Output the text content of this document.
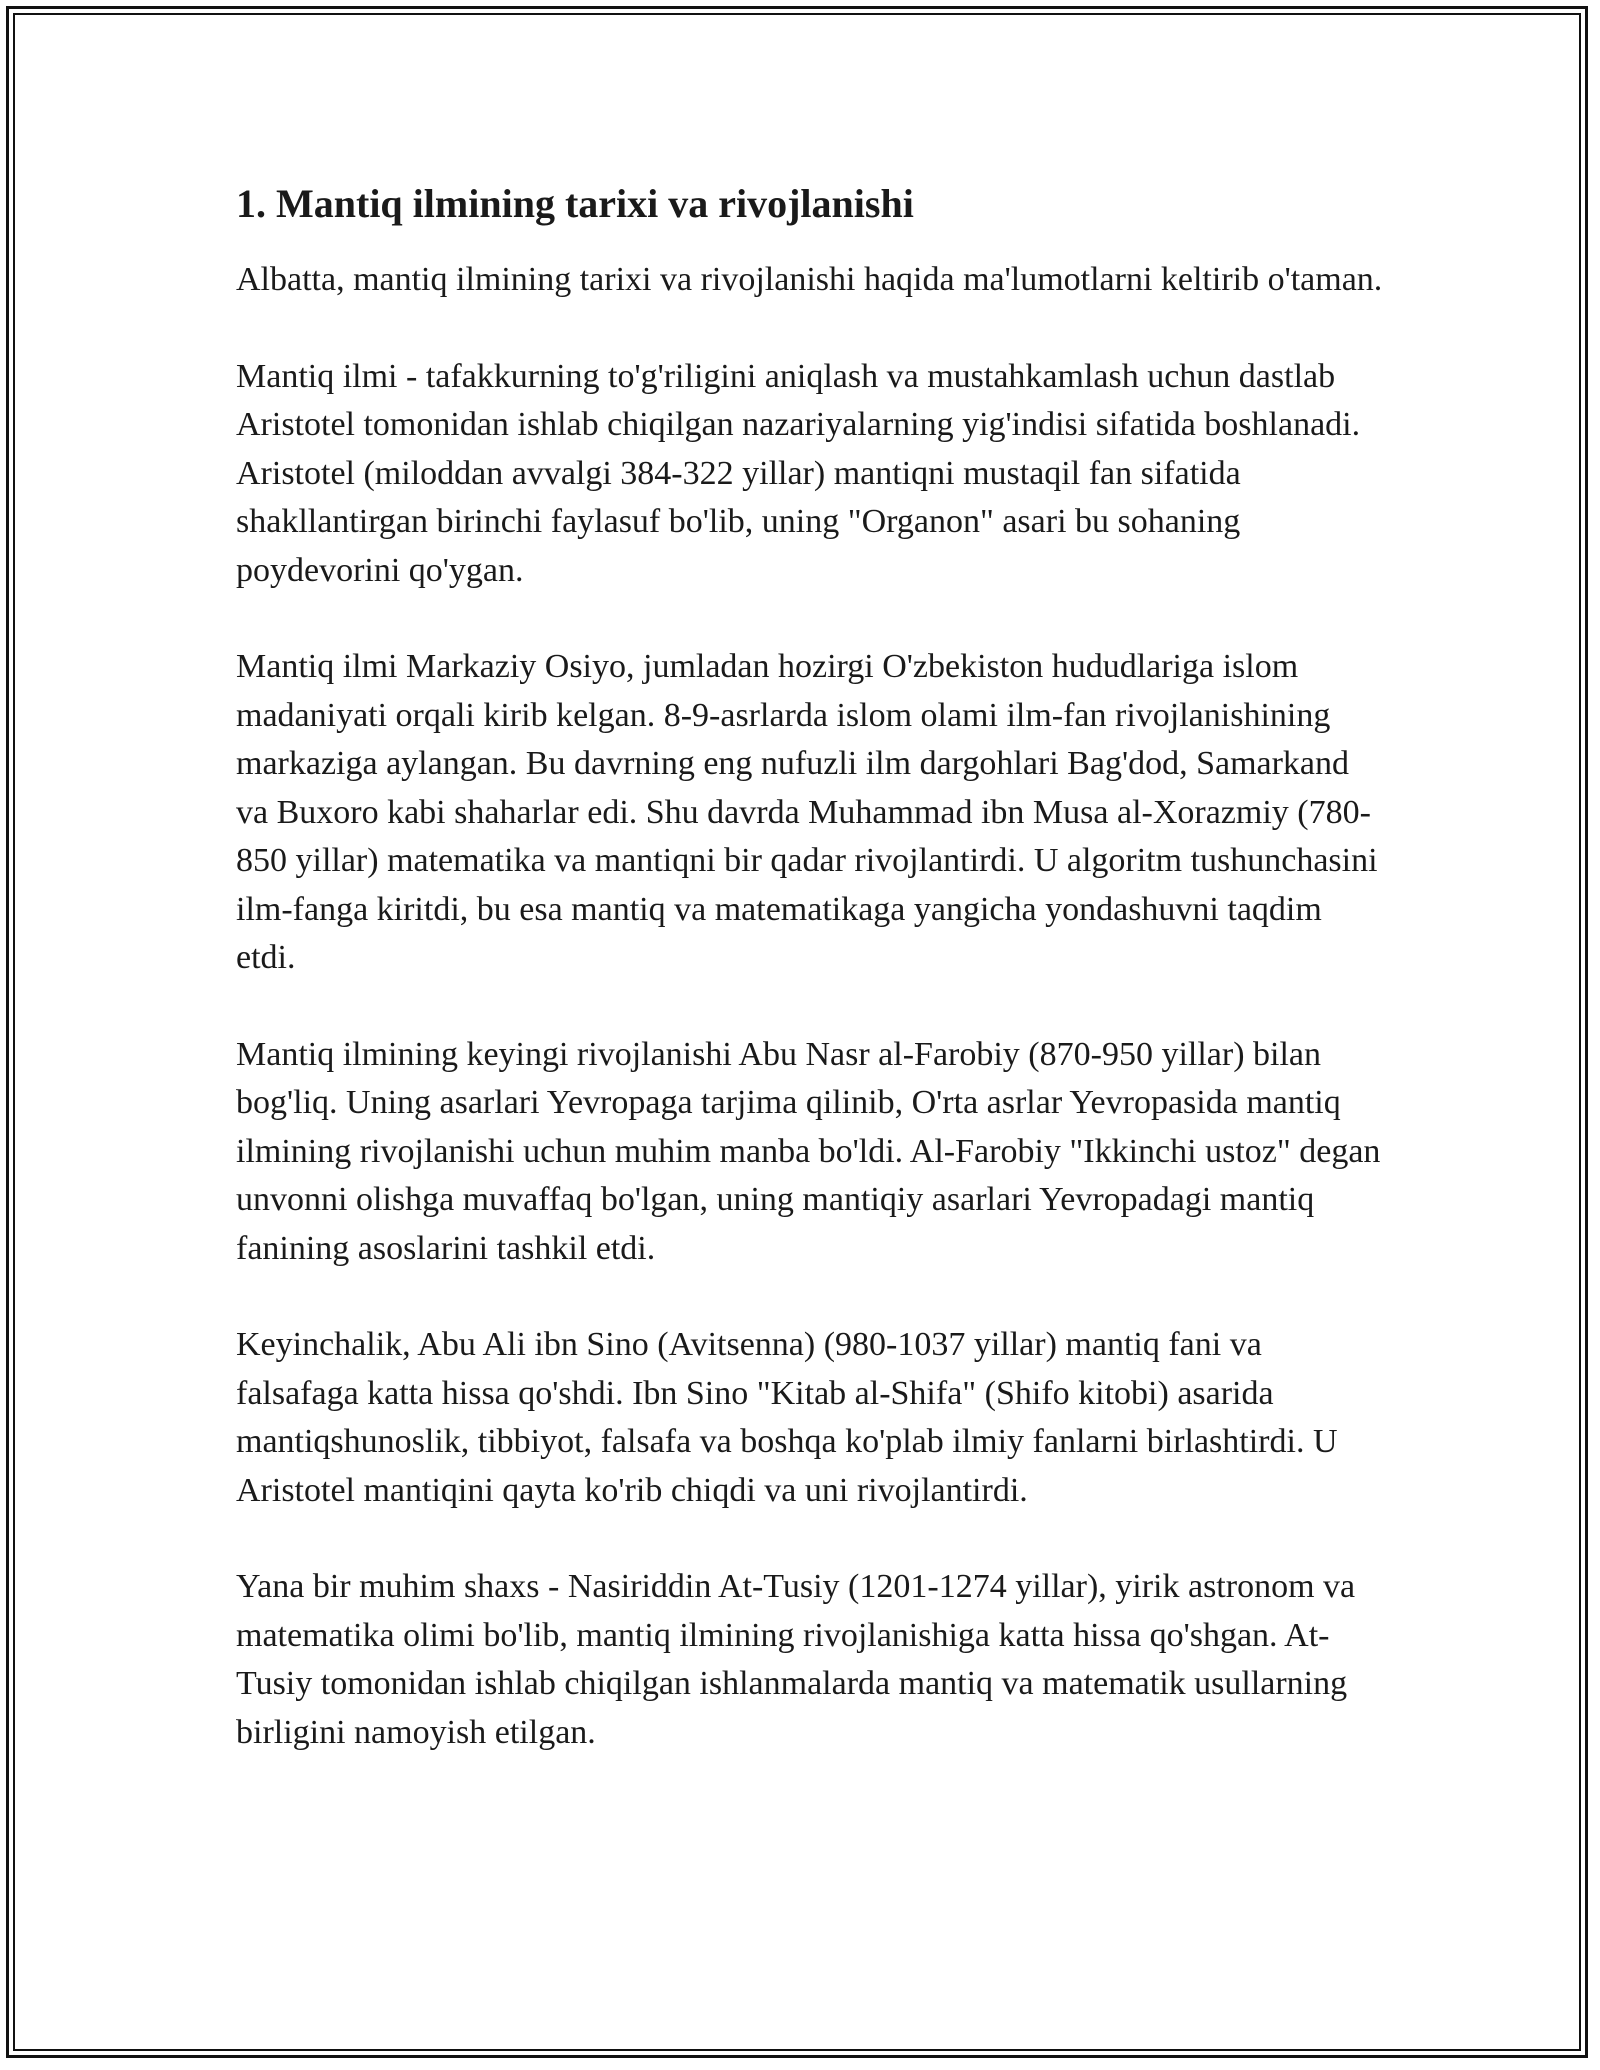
1. Mantiq ilmining tarixi va rivojlanishi

Albatta, mantiq ilmining tarixi va rivojlanishi haqida ma'lumotlarni keltirib o'taman.

Mantiq ilmi - tafakkurning to'g'riligini aniqlash va mustahkamlash uchun dastlab Aristotel tomonidan ishlab chiqilgan nazariyalarning yig'indisi sifatida boshlanadi. Aristotel (miloddan avvalgi 384-322 yillar) mantiqni mustaqil fan sifatida shakllantirgan birinchi faylasuf bo'lib, uning "Organon" asari bu sohaning poydevorini qo'ygan.

Mantiq ilmi Markaziy Osiyo, jumladan hozirgi O'zbekiston hududlariga islom madaniyati orqali kirib kelgan. 8-9-asrlarda islom olami ilm-fan rivojlanishining markaziga aylangan. Bu davrning eng nufuzli ilm dargohlari Bag'dod, Samarkand va Buxoro kabi shaharlar edi. Shu davrda Muhammad ibn Musa al-Xorazmiy (780-850 yillar) matematika va mantiqni bir qadar rivojlantirdi. U algoritm tushunchasini ilm-fanga kiritdi, bu esa mantiq va matematikaga yangicha yondashuvni taqdim etdi.

Mantiq ilmining keyingi rivojlanishi Abu Nasr al-Farobiy (870-950 yillar) bilan bog'liq. Uning asarlari Yevropaga tarjima qilinib, O'rta asrlar Yevropasida mantiq ilmining rivojlanishi uchun muhim manba bo'ldi. Al-Farobiy "Ikkinchi ustoz" degan unvonni olishga muvaffaq bo'lgan, uning mantiqiy asarlari Yevropadagi mantiq fanining asoslarini tashkil etdi.

Keyinchalik, Abu Ali ibn Sino (Avitsenna) (980-1037 yillar) mantiq fani va falsafaga katta hissa qo'shdi. Ibn Sino "Kitab al-Shifa" (Shifo kitobi) asarida mantiqshunoslik, tibbiyot, falsafa va boshqa ko'plab ilmiy fanlarni birlashtirdi. U Aristotel mantiqini qayta ko'rib chiqdi va uni rivojlantirdi.

Yana bir muhim shaxs - Nasiriddin At-Tusiy (1201-1274 yillar), yirik astronom va matematika olimi bo'lib, mantiq ilmining rivojlanishiga katta hissa qo'shgan. At-Tusiy tomonidan ishlab chiqilgan ishlanmalarda mantiq va matematik usullarning birligini namoyish etilgan.
